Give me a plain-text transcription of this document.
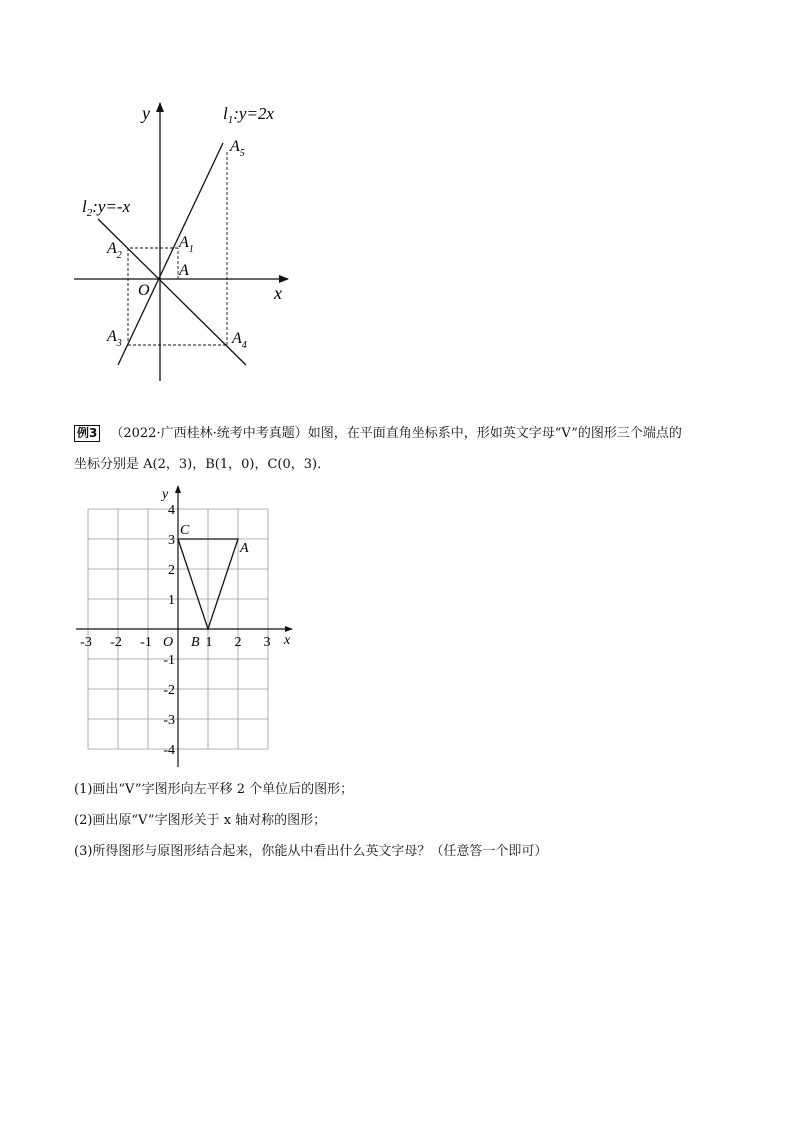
y
x
O
$l_1:y=2x$
$l_2:y=-x$
A
$A_1$
$A_2$
$A_3$	$A_4$
$A_5$
例3 （2022·广西桂林·统考中考真题）如图，在平面直角坐标系中，形如英文字母“V”的图形三个端点的
坐标分别是 A(2，3)，B(1，0)，C(0，3)．
y
x
O
-3 -2 -1	1 2 3
4
3
2
1
-1
-2
-3
-4
C
A
B
(1)画出“V”字图形向左平移 2 个单位后的图形；
(2)画出原“V”字图形关于 x 轴对称的图形；
(3)所得图形与原图形结合起来，你能从中看出什么英文字母？（任意答一个即可）
